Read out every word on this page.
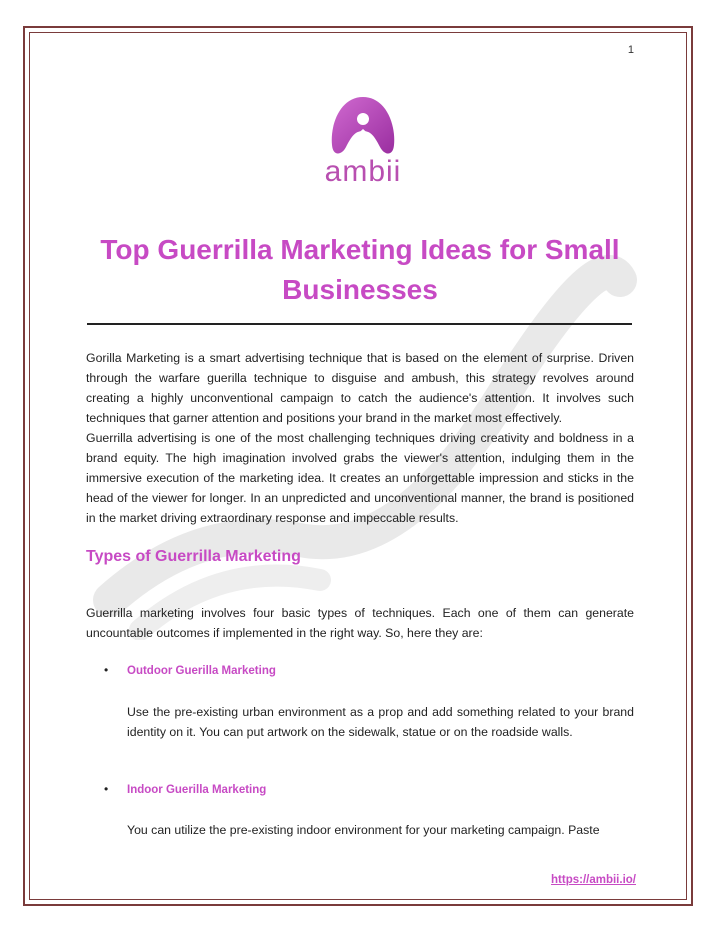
1
ambii
Top Guerrilla Marketing Ideas for Small Businesses
Gorilla Marketing is a smart advertising technique that is based on the element of surprise. Driven through the warfare guerilla technique to disguise and ambush, this strategy revolves around creating a highly unconventional campaign to catch the audience's attention. It involves such techniques that garner attention and positions your brand in the market most effectively.
Guerrilla advertising is one of the most challenging techniques driving creativity and boldness in a brand equity. The high imagination involved grabs the viewer's attention, indulging them in the immersive execution of the marketing idea. It creates an unforgettable impression and sticks in the head of the viewer for longer. In an unpredicted and unconventional manner, the brand is positioned in the market driving extraordinary response and impeccable results.
Types of Guerrilla Marketing
Guerrilla marketing involves four basic types of techniques. Each one of them can generate uncountable outcomes if implemented in the right way. So, here they are:
• Outdoor Guerilla Marketing
Use the pre-existing urban environment as a prop and add something related to your brand identity on it. You can put artwork on the sidewalk, statue or on the roadside walls.
• Indoor Guerilla Marketing
You can utilize the pre-existing indoor environment for your marketing campaign. Paste
https://ambii.io/
